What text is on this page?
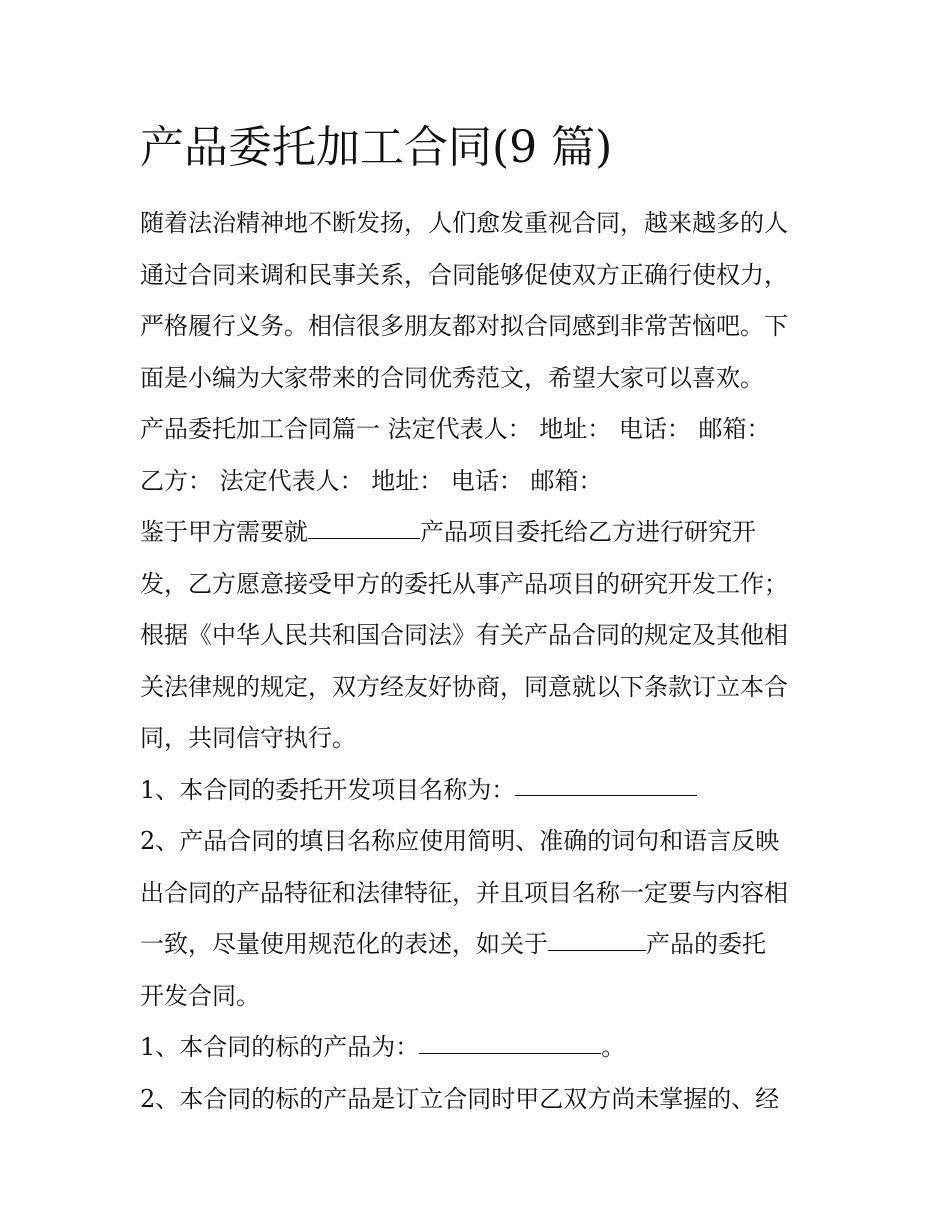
产品委托加工合同(9 篇)
随着法治精神地不断发扬，人们愈发重视合同，越来越多的人
通过合同来调和民事关系，合同能够促使双方正确行使权力，
严格履行义务。相信很多朋友都对拟合同感到非常苦恼吧。下
面是小编为大家带来的合同优秀范文，希望大家可以喜欢。
产品委托加工合同篇一 法定代表人： 地址： 电话： 邮箱：
乙方： 法定代表人： 地址： 电话： 邮箱：
鉴于甲方需要就	产品项目委托给乙方进行研究开
发，乙方愿意接受甲方的委托从事产品项目的研究开发工作；
根据《中华人民共和国合同法》有关产品合同的规定及其他相
关法律规的规定，双方经友好协商，同意就以下条款订立本合
同，共同信守执行。
1、本合同的委托开发项目名称为：
2、产品合同的填目名称应使用简明、准确的词句和语言反映
出合同的产品特征和法律特征，并且项目名称一定要与内容相
一致，尽量使用规范化的表述，如关于	产品的委托
开发合同。
1、本合同的标的产品为：	。
2、本合同的标的产品是订立合同时甲乙双方尚未掌握的、经
